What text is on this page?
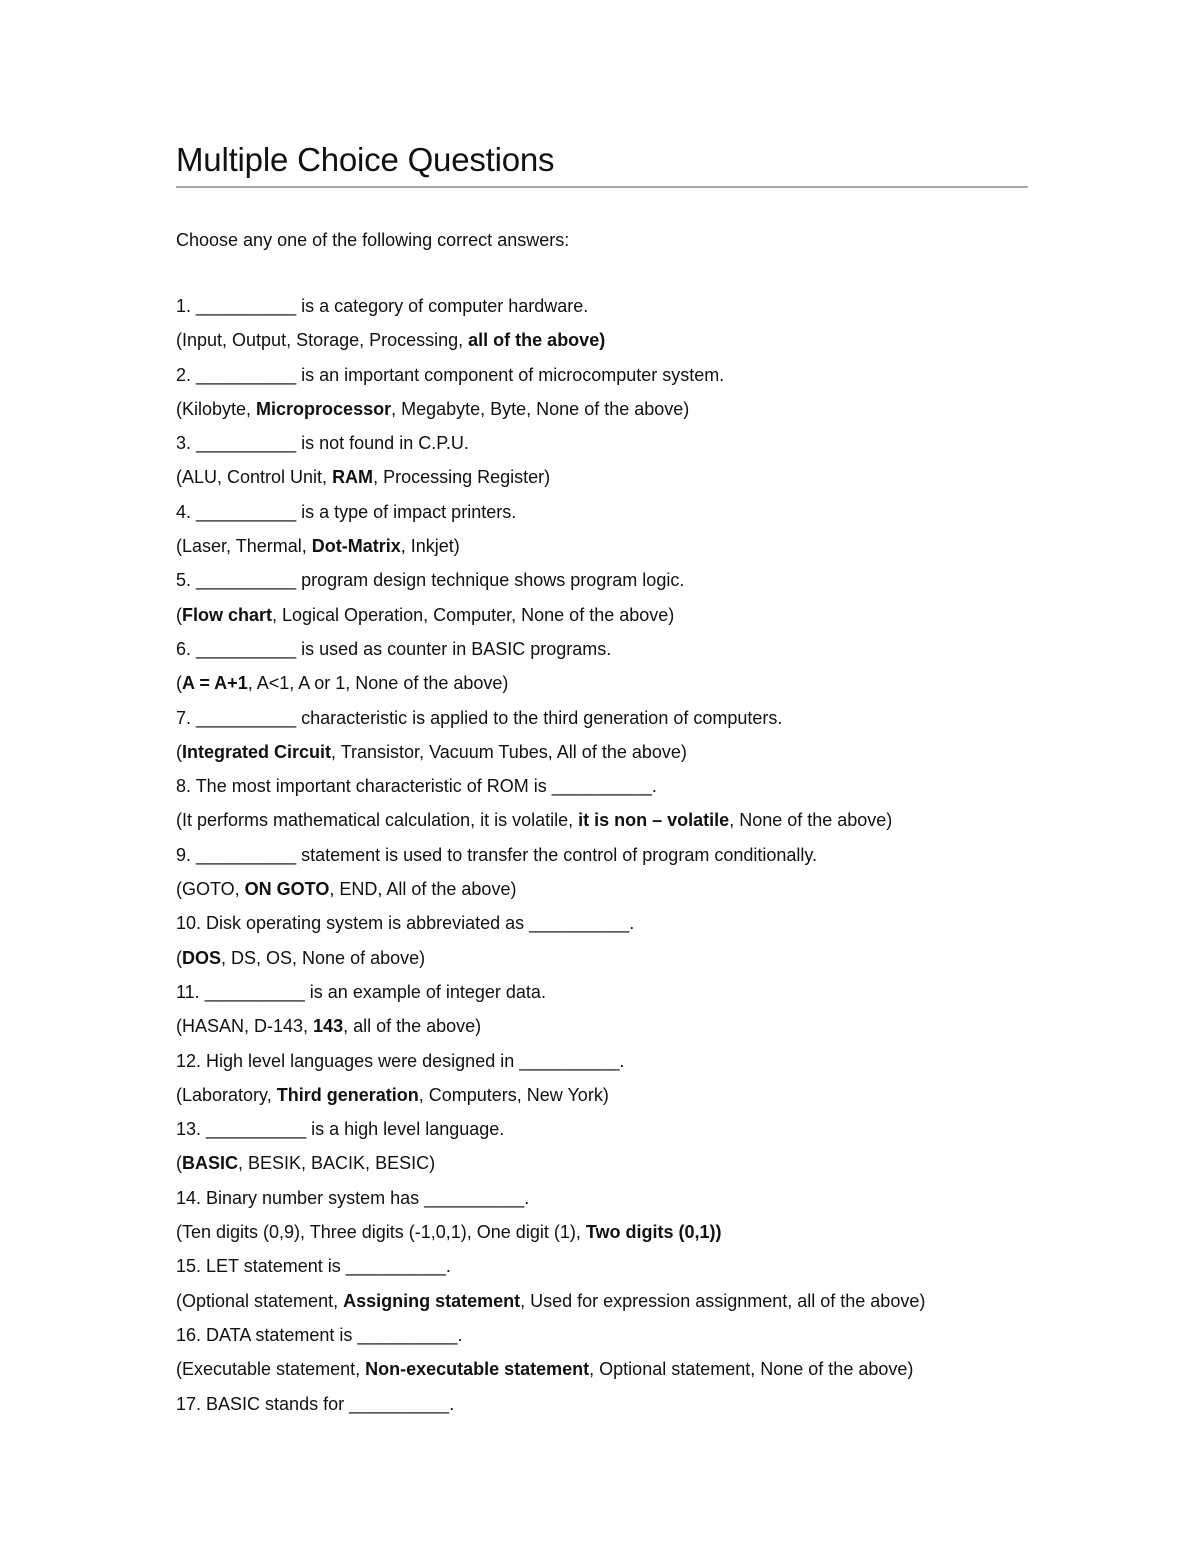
Multiple Choice Questions
Choose any one of the following correct answers:
1. __________ is a category of computer hardware.
(Input, Output, Storage, Processing, all of the above)
2. __________ is an important component of microcomputer system.
(Kilobyte, Microprocessor, Megabyte, Byte, None of the above)
3. __________ is not found in C.P.U.
(ALU, Control Unit, RAM, Processing Register)
4. __________ is a type of impact printers.
(Laser, Thermal, Dot-Matrix, Inkjet)
5. __________ program design technique shows program logic.
(Flow chart, Logical Operation, Computer, None of the above)
6. __________ is used as counter in BASIC programs.
(A = A+1, A<1, A or 1, None of the above)
7. __________ characteristic is applied to the third generation of computers.
(Integrated Circuit, Transistor, Vacuum Tubes, All of the above)
8. The most important characteristic of ROM is __________.
(It performs mathematical calculation, it is volatile, it is non – volatile, None of the above)
9. __________ statement is used to transfer the control of program conditionally.
(GOTO, ON GOTO, END, All of the above)
10. Disk operating system is abbreviated as __________.
(DOS, DS, OS, None of above)
11. __________ is an example of integer data.
(HASAN, D-143, 143, all of the above)
12. High level languages were designed in __________.
(Laboratory, Third generation, Computers, New York)
13. __________ is a high level language.
(BASIC, BESIK, BACIK, BESIC)
14. Binary number system has __________.
(Ten digits (0,9), Three digits (-1,0,1), One digit (1), Two digits (0,1))
15. LET statement is __________.
(Optional statement, Assigning statement, Used for expression assignment, all of the above)
16. DATA statement is __________.
(Executable statement, Non-executable statement, Optional statement, None of the above)
17. BASIC stands for __________.
